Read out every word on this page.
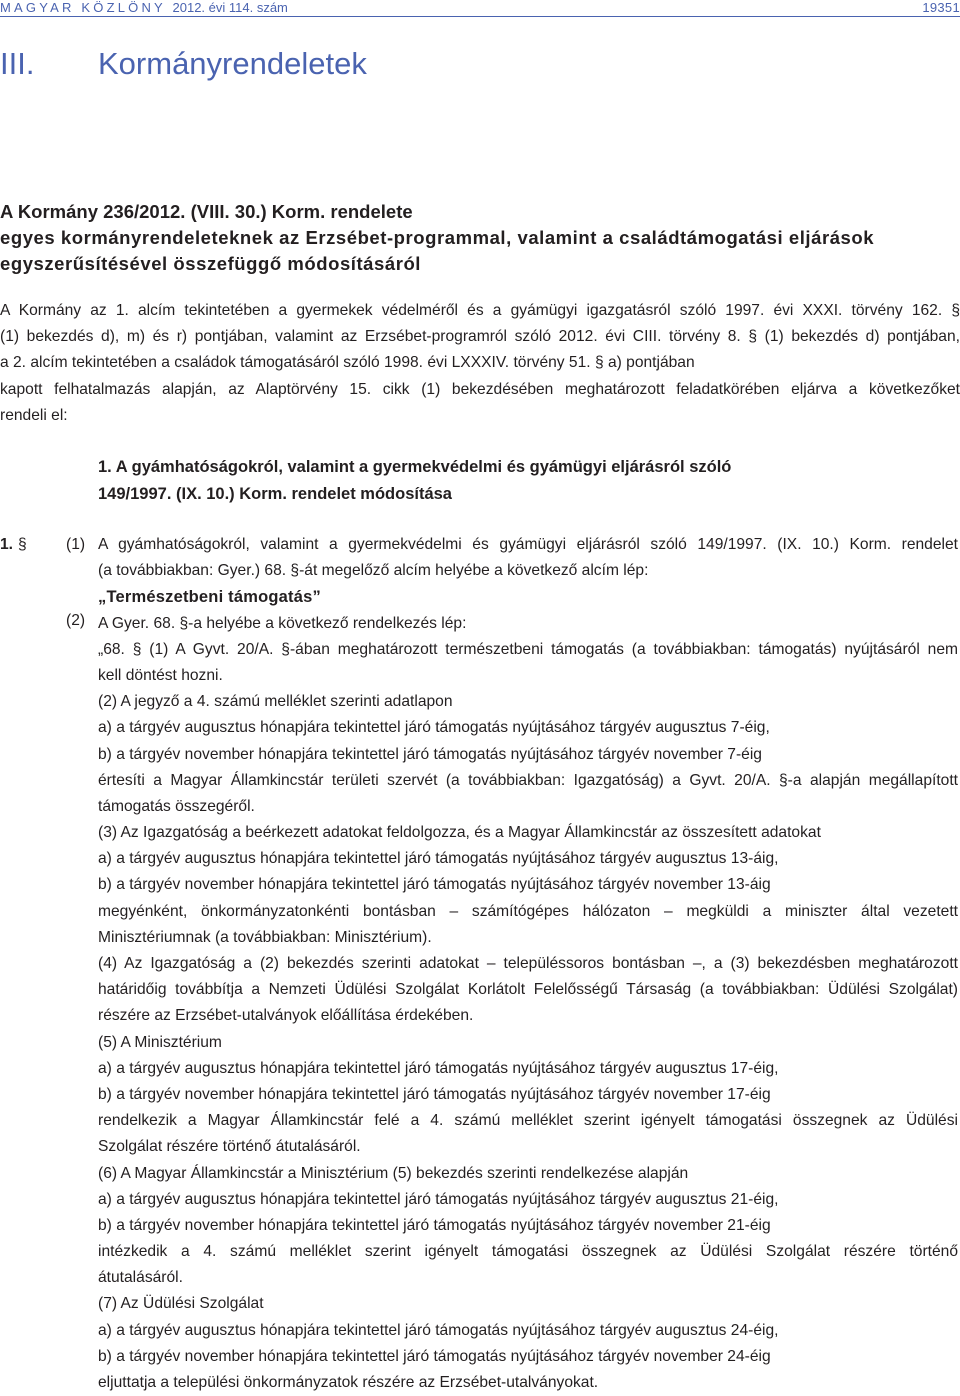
MAGYAR KÖZLÖNY 2012. évi 114. szám	19351
III. Kormányrendeletek
A Kormány 236/2012. (VIII. 30.) Korm. rendelete
egyes kormányrendeleteknek az Erzsébet-programmal, valamint a családtámogatási eljárások
egyszerűsítésével összefüggő módosításáról
A Kormány az 1. alcím tekintetében a gyermekek védelméről és a gyámügyi igazgatásról szóló 1997. évi XXXI. törvény 162. §
(1) bekezdés d), m) és r) pontjában, valamint az Erzsébet-programról szóló 2012. évi CIII. törvény 8. § (1) bekezdés d) pontjában,
a 2. alcím tekintetében a családok támogatásáról szóló 1998. évi LXXXIV. törvény 51. § a) pontjában
kapott felhatalmazás alapján, az Alaptörvény 15. cikk (1) bekezdésében meghatározott feladatkörében eljárva a következőket
rendeli el:
1. A gyámhatóságokról, valamint a gyermekvédelmi és gyámügyi eljárásról szóló
149/1997. (IX. 10.) Korm. rendelet módosítása
1. §	(1)
(2)
A gyámhatóságokról, valamint a gyermekvédelmi és gyámügyi eljárásról szóló 149/1997. (IX. 10.) Korm. rendelet
(a továbbiakban: Gyer.) 68. §-át megelőző alcím helyébe a következő alcím lép:
„Természetbeni támogatás”
A Gyer. 68. §-a helyébe a következő rendelkezés lép:
„68. § (1) A Gyvt. 20/A. §-ában meghatározott természetbeni támogatás (a továbbiakban: támogatás) nyújtásáról nem
kell döntést hozni.
(2) A jegyző a 4. számú melléklet szerinti adatlapon
a) a tárgyév augusztus hónapjára tekintettel járó támogatás nyújtásához tárgyév augusztus 7-éig,
b) a tárgyév november hónapjára tekintettel járó támogatás nyújtásához tárgyév november 7-éig
értesíti a Magyar Államkincstár területi szervét (a továbbiakban: Igazgatóság) a Gyvt. 20/A. §-a alapján megállapított
támogatás összegéről.
(3) Az Igazgatóság a beérkezett adatokat feldolgozza, és a Magyar Államkincstár az összesített adatokat
a) a tárgyév augusztus hónapjára tekintettel járó támogatás nyújtásához tárgyév augusztus 13-áig,
b) a tárgyév november hónapjára tekintettel járó támogatás nyújtásához tárgyév november 13-áig
megyénként, önkormányzatonkénti bontásban – számítógépes hálózaton – megküldi a miniszter által vezetett
Minisztériumnak (a továbbiakban: Minisztérium).
(4) Az Igazgatóság a (2) bekezdés szerinti adatokat – településsoros bontásban –, a (3) bekezdésben meghatározott
határidőig továbbítja a Nemzeti Üdülési Szolgálat Korlátolt Felelősségű Társaság (a továbbiakban: Üdülési Szolgálat)
részére az Erzsébet-utalványok előállítása érdekében.
(5) A Minisztérium
a) a tárgyév augusztus hónapjára tekintettel járó támogatás nyújtásához tárgyév augusztus 17-éig,
b) a tárgyév november hónapjára tekintettel járó támogatás nyújtásához tárgyév november 17-éig
rendelkezik a Magyar Államkincstár felé a 4. számú melléklet szerint igényelt támogatási összegnek az Üdülési
Szolgálat részére történő átutalásáról.
(6) A Magyar Államkincstár a Minisztérium (5) bekezdés szerinti rendelkezése alapján
a) a tárgyév augusztus hónapjára tekintettel járó támogatás nyújtásához tárgyév augusztus 21-éig,
b) a tárgyév november hónapjára tekintettel járó támogatás nyújtásához tárgyév november 21-éig
intézkedik a 4. számú melléklet szerint igényelt támogatási összegnek az Üdülési Szolgálat részére történő
átutalásáról.
(7) Az Üdülési Szolgálat
a) a tárgyév augusztus hónapjára tekintettel járó támogatás nyújtásához tárgyév augusztus 24-éig,
b) a tárgyév november hónapjára tekintettel járó támogatás nyújtásához tárgyév november 24-éig
eljuttatja a települési önkormányzatok részére az Erzsébet-utalványokat.
